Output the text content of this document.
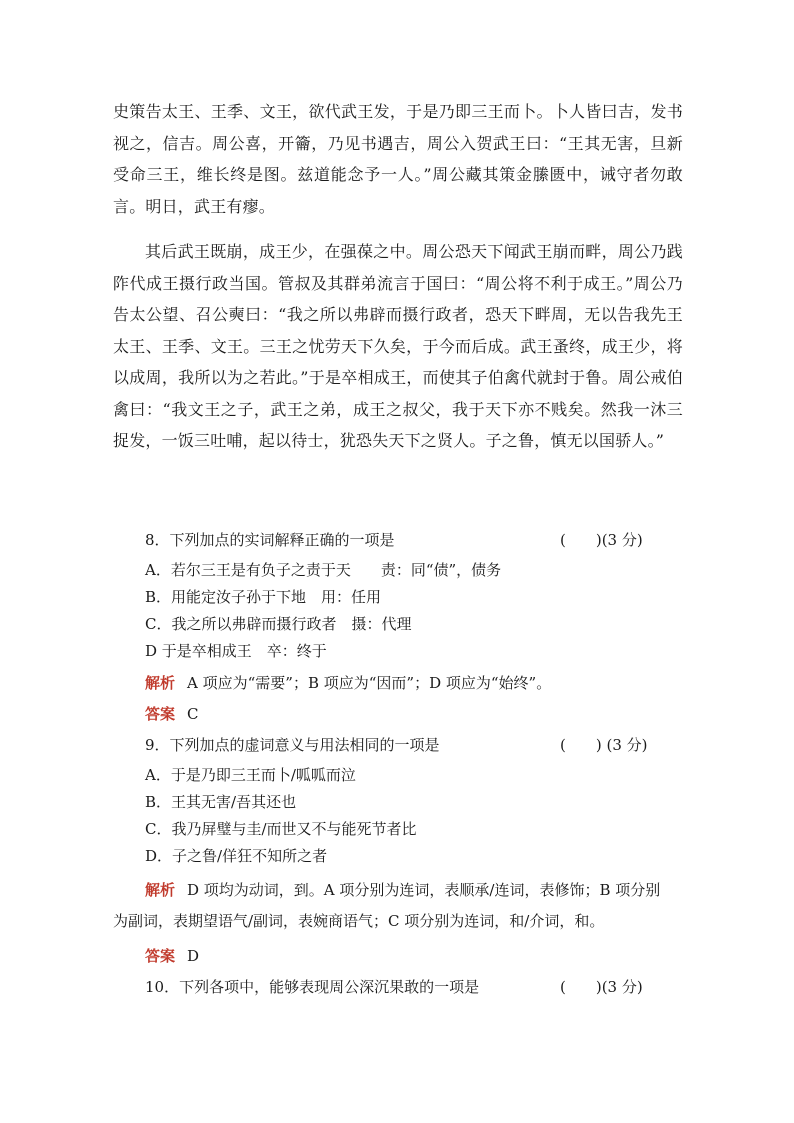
史策告太王、王季、文王，欲代武王发，于是乃即三王而卜。卜人皆曰吉，发书视之，信吉。周公喜，开籥，乃见书遇吉，周公入贺武王曰：“王其无害，旦新受命三王，维长终是图。兹道能念予一人。”周公藏其策金縢匮中，诫守者勿敢言。明日，武王有瘳。
其后武王既崩，成王少，在强葆之中。周公恐天下闻武王崩而畔，周公乃践阼代成王摄行政当国。管叔及其群弟流言于国曰：“周公将不利于成王。”周公乃告太公望、召公奭曰：“我之所以弗辟而摄行政者，恐天下畔周，无以告我先王太王、王季、文王。三王之忧劳天下久矣，于今而后成。武王蚤终，成王少，将以成周，我所以为之若此。”于是卒相成王，而使其子伯禽代就封于鲁。周公戒伯禽曰：“我文王之子，武王之弟，成王之叔父，我于天下亦不贱矣。然我一沐三捉发，一饭三吐哺，起以待士，犹恐失天下之贤人。子之鲁，慎无以国骄人。”
8．下列加点的实词解释正确的一项是	(　　)(3 分)
A．若尔三王是有负子之责于天　　责：同“债”，债务
B．用能定汝子孙于下地　用：任用
C．我之所以弗辟而摄行政者　摄：代理
D 于是卒相成王　卒：终于
解析 A 项应为“需要”；B 项应为“因而”；D 项应为“始终”。
答案 C
9．下列加点的虚词意义与用法相同的一项是	(　　) (3 分)
A．于是乃即三王而卜/呱呱而泣
B．王其无害/吾其还也
C．我乃屏璧与圭/而世又不与能死节者比
D．子之鲁/佯狂不知所之者
解析 D 项均为动词，到。A 项分别为连词，表顺承/连词，表修饰；B 项分别为副词，表期望语气/副词，表婉商语气；C 项分别为连词，和/介词，和。
答案 D
10．下列各项中，能够表现周公深沉果敢的一项是	(　　)(3 分)
